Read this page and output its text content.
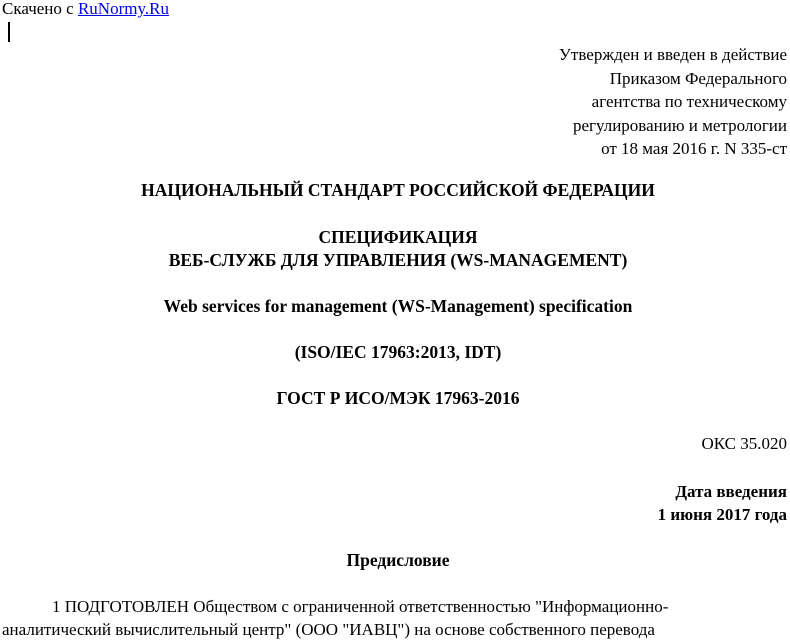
Скачено с RuNormy.Ru
Утвержден и введен в действие
Приказом Федерального
агентства по техническому
регулированию и метрологии
от 18 мая 2016 г. N 335-ст
НАЦИОНАЛЬНЫЙ СТАНДАРТ РОССИЙСКОЙ ФЕДЕРАЦИИ
СПЕЦИФИКАЦИЯ
ВЕБ-СЛУЖБ ДЛЯ УПРАВЛЕНИЯ (WS-MANAGEMENT)
Web services for management (WS-Management) specification
(ISO/IEC 17963:2013, IDT)
ГОСТ Р ИСО/МЭК 17963-2016
ОКС 35.020
Дата введения
1 июня 2017 года
Предисловие
1 ПОДГОТОВЛЕН Обществом с ограниченной ответственностью "Информационно-
аналитический вычислительный центр" (ООО "ИАВЦ") на основе собственного перевода
